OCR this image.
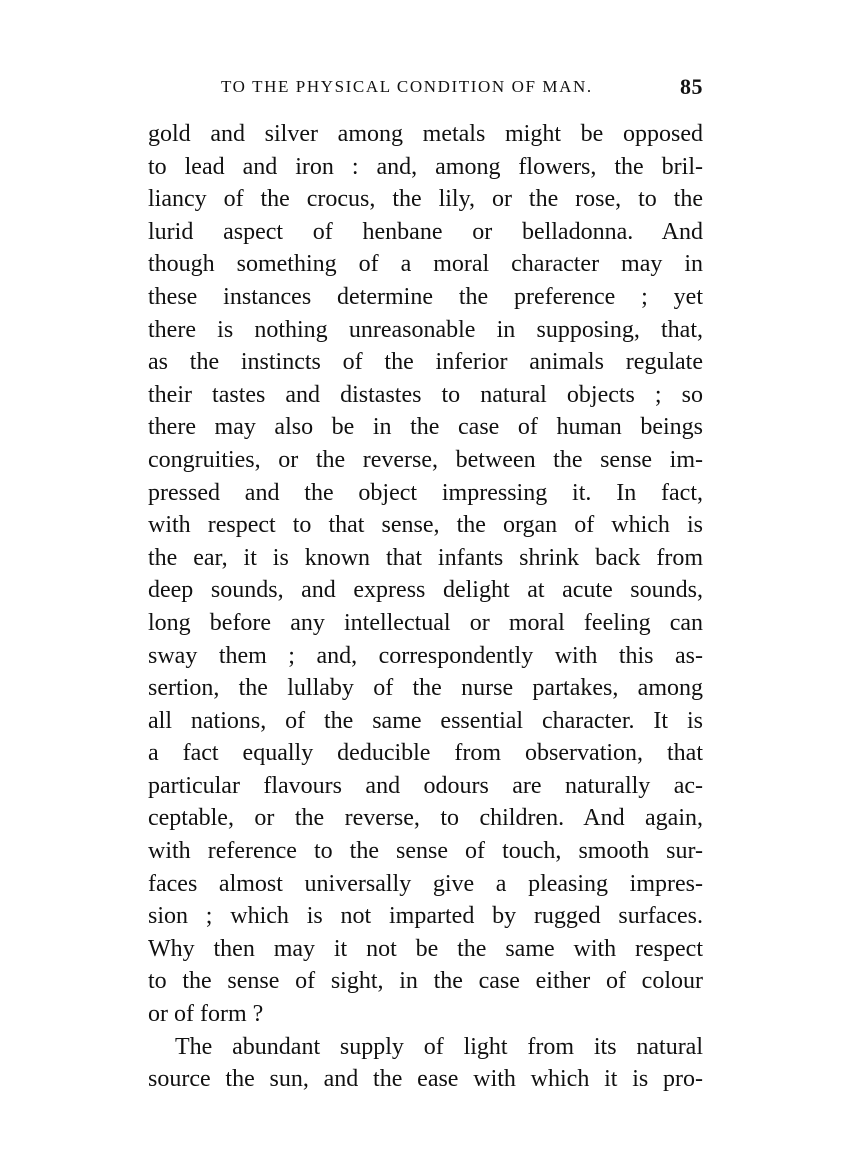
TO THE PHYSICAL CONDITION OF MAN.	85
gold and silver among metals might be opposed
to lead and iron : and, among flowers, the bril-
liancy of the crocus, the lily, or the rose, to the
lurid aspect of henbane or belladonna. And
though something of a moral character may in
these instances determine the preference ; yet
there is nothing unreasonable in supposing, that,
as the instincts of the inferior animals regulate
their tastes and distastes to natural objects ; so
there may also be in the case of human beings
congruities, or the reverse, between the sense im-
pressed and the object impressing it. In fact,
with respect to that sense, the organ of which is
the ear, it is known that infants shrink back from
deep sounds, and express delight at acute sounds,
long before any intellectual or moral feeling can
sway them ; and, correspondently with this as-
sertion, the lullaby of the nurse partakes, among
all nations, of the same essential character. It is
a fact equally deducible from observation, that
particular flavours and odours are naturally ac-
ceptable, or the reverse, to children. And again,
with reference to the sense of touch, smooth sur-
faces almost universally give a pleasing impres-
sion ; which is not imparted by rugged surfaces.
Why then may it not be the same with respect
to the sense of sight, in the case either of colour
or of form ?
The abundant supply of light from its natural
source the sun, and the ease with which it is pro-
